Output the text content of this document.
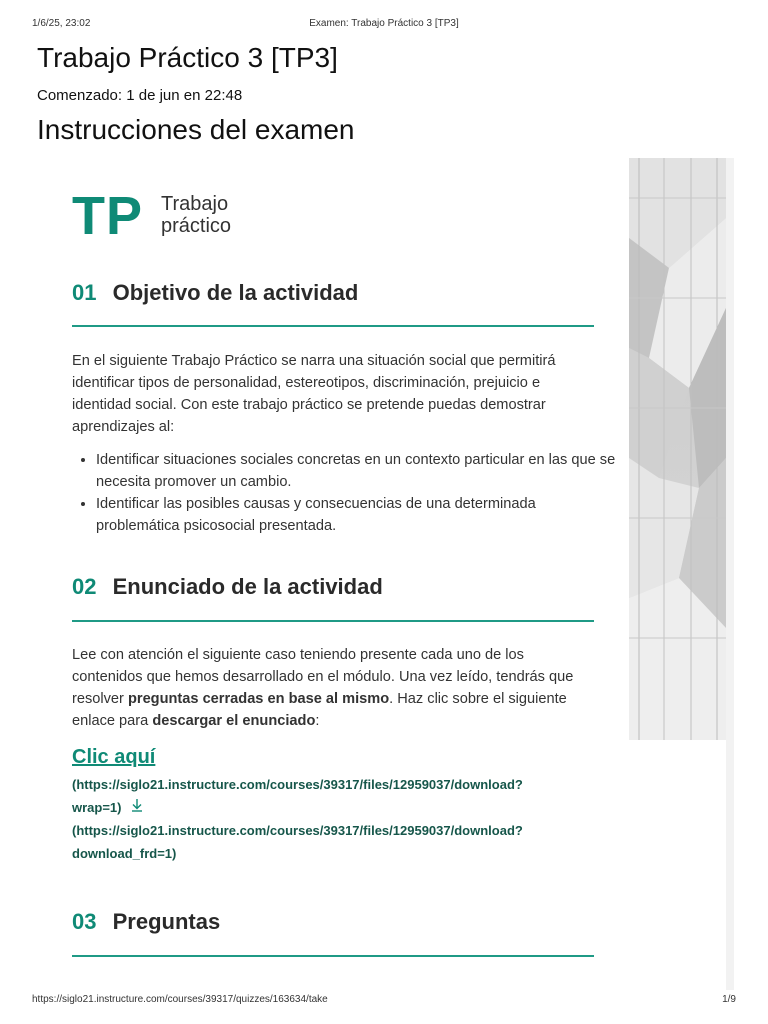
1/6/25, 23:02	Examen: Trabajo Práctico 3 [TP3]
Trabajo Práctico 3 [TP3]
Comenzado: 1 de jun en 22:48
Instrucciones del examen
TP Trabajo
práctico
01 Objetivo de la actividad

En el siguiente Trabajo Práctico se narra una situación social que permitirá identificar tipos de personalidad, estereotipos, discriminación, prejuicio e identidad social. Con este trabajo práctico se pretende puedas demostrar aprendizajes al:

• Identificar situaciones sociales concretas en un contexto particular en las que se necesita promover un cambio.
• Identificar las posibles causas y consecuencias de una determinada problemática psicosocial presentada.
02 Enunciado de la actividad

Lee con atención el siguiente caso teniendo presente cada uno de los contenidos que hemos desarrollado en el módulo. Una vez leído, tendrás que resolver preguntas cerradas en base al mismo. Haz clic sobre el siguiente enlace para descargar el enunciado:

Clic aquí
(https://siglo21.instructure.com/courses/39317/files/12959037/download?
wrap=1)
(https://siglo21.instructure.com/courses/39317/files/12959037/download?
download_frd=1)
03 Preguntas
https://siglo21.instructure.com/courses/39317/quizzes/163634/take	1/9
